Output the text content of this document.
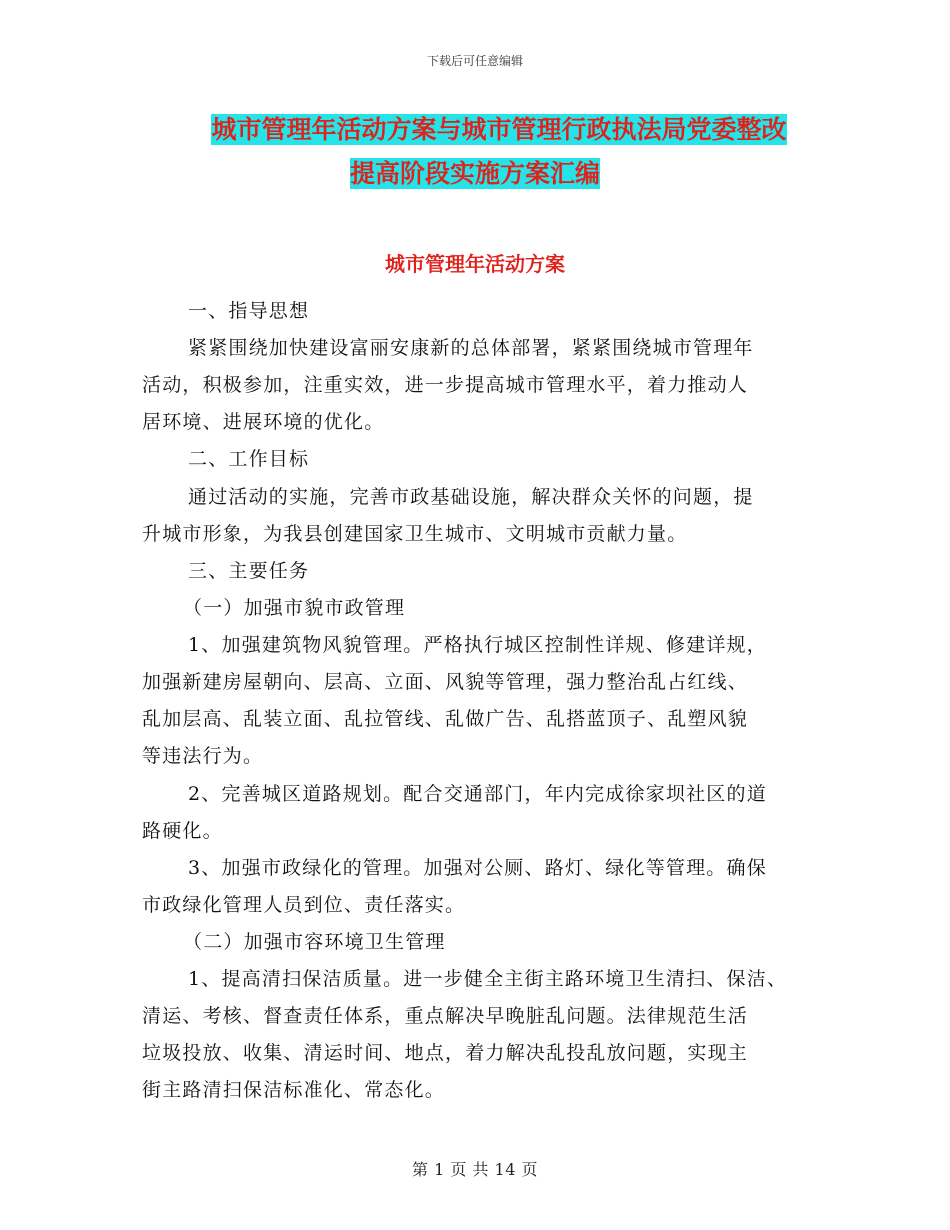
下载后可任意编辑
城市管理年活动方案与城市管理行政执法局党委整改
提高阶段实施方案汇编
城市管理年活动方案
一、指导思想
紧紧围绕加快建设富丽安康新的总体部署，紧紧围绕城市管理年
活动，积极参加，注重实效，进一步提高城市管理水平，着力推动人
居环境、进展环境的优化。
二、工作目标
通过活动的实施，完善市政基础设施，解决群众关怀的问题，提
升城市形象，为我县创建国家卫生城市、文明城市贡献力量。
三、主要任务
（一）加强市貌市政管理
1、加强建筑物风貌管理。严格执行城区控制性详规、修建详规，
加强新建房屋朝向、层高、立面、风貌等管理，强力整治乱占红线、
乱加层高、乱装立面、乱拉管线、乱做广告、乱搭蓝顶子、乱塑风貌
等违法行为。
2、完善城区道路规划。配合交通部门，年内完成徐家坝社区的道
路硬化。
3、加强市政绿化的管理。加强对公厕、路灯、绿化等管理。确保
市政绿化管理人员到位、责任落实。
（二）加强市容环境卫生管理
1、提高清扫保洁质量。进一步健全主街主路环境卫生清扫、保洁、
清运、考核、督查责任体系，重点解决早晚脏乱问题。法律规范生活
垃圾投放、收集、清运时间、地点，着力解决乱投乱放问题，实现主
街主路清扫保洁标准化、常态化。
第 1 页 共 14 页
